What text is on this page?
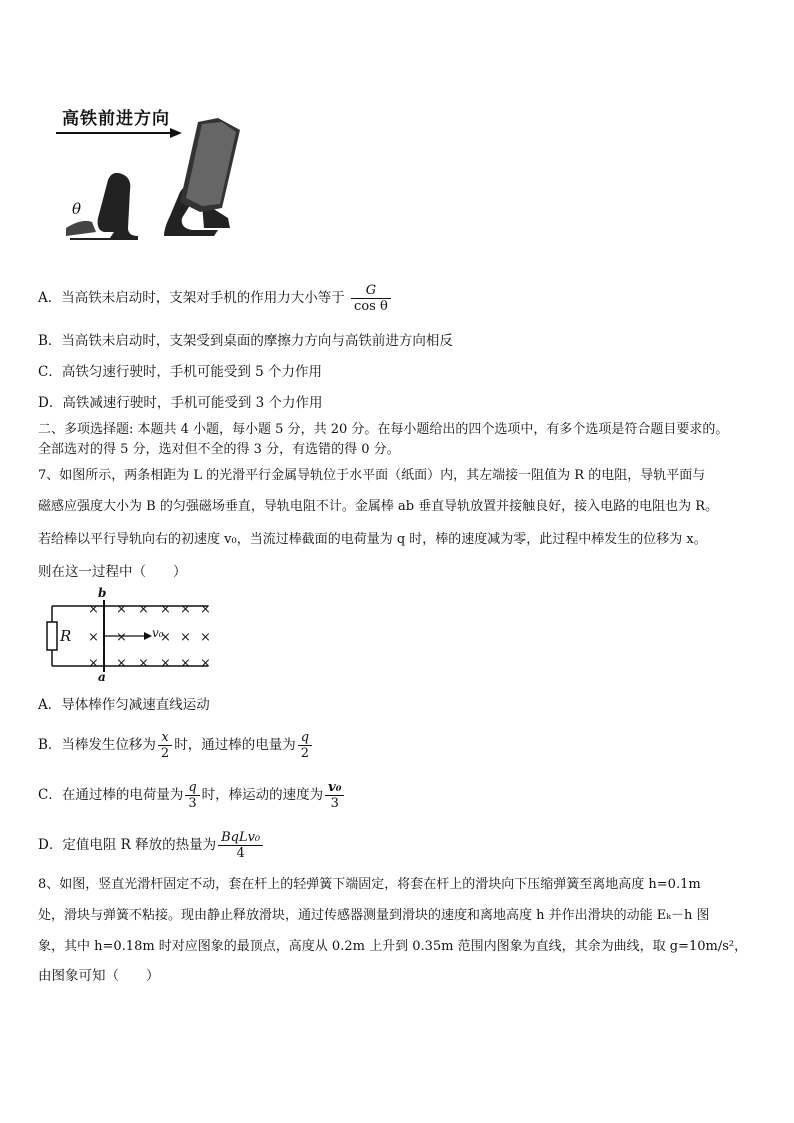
高铁前进方向
θ
A．当高铁未启动时，支架对手机的作用力大小等于 $\frac{G}{\text{cos θ}}$
B．当高铁未启动时，支架受到桌面的摩擦力方向与高铁前进方向相反
C．高铁匀速行驶时，手机可能受到 5 个力作用
D．高铁减速行驶时，手机可能受到 3 个力作用
二、多项选择题: 本题共 4 小题，每小题 5 分，共 20 分。在每小题给出的四个选项中，有多个选项是符合题目要求的。
全部选对的得 5 分，选对但不全的得 3 分，有选错的得 0 分。
7、如图所示，两条相距为 L 的光滑平行金属导轨位于水平面（纸面）内，其左端接一阻值为 R 的电阻，导轨平面与
磁感应强度大小为 B 的匀强磁场垂直，导轨电阻不计。金属棒 ab 垂直导轨放置并接触良好，接入电路的电阻也为 R。
若给棒以平行导轨向右的初速度 v₀，当流过棒截面的电荷量为 q 时，棒的速度减为零，此过程中棒发生的位移为 x。
则在这一过程中（　　）
b
a
R	v₀
× × × × × ×
× ×	× × ×
× × × × × ×
A．导体棒作匀减速直线运动
B．当棒发生位移为 $\frac{x}{2}$ 时，通过棒的电量为 $\frac{q}{2}$
C．在通过棒的电荷量为 $\frac{q}{3}$ 时，棒运动的速度为 $\frac{\text{v₀}}{3}$
D．定值电阻 R 释放的热量为 $\frac{\text{BqLv₀}}{4}$
8、如图，竖直光滑杆固定不动，套在杆上的轻弹簧下端固定，将套在杆上的滑块向下压缩弹簧至离地高度 h=0.1m
处，滑块与弹簧不粘接。现由静止释放滑块，通过传感器测量到滑块的速度和离地高度 h 并作出滑块的动能 Eₖ－h 图
象，其中 h=0.18m 时对应图象的最顶点，高度从 0.2m 上升到 0.35m 范围内图象为直线，其余为曲线，取 g=10m/s²，
由图象可知（　　）
